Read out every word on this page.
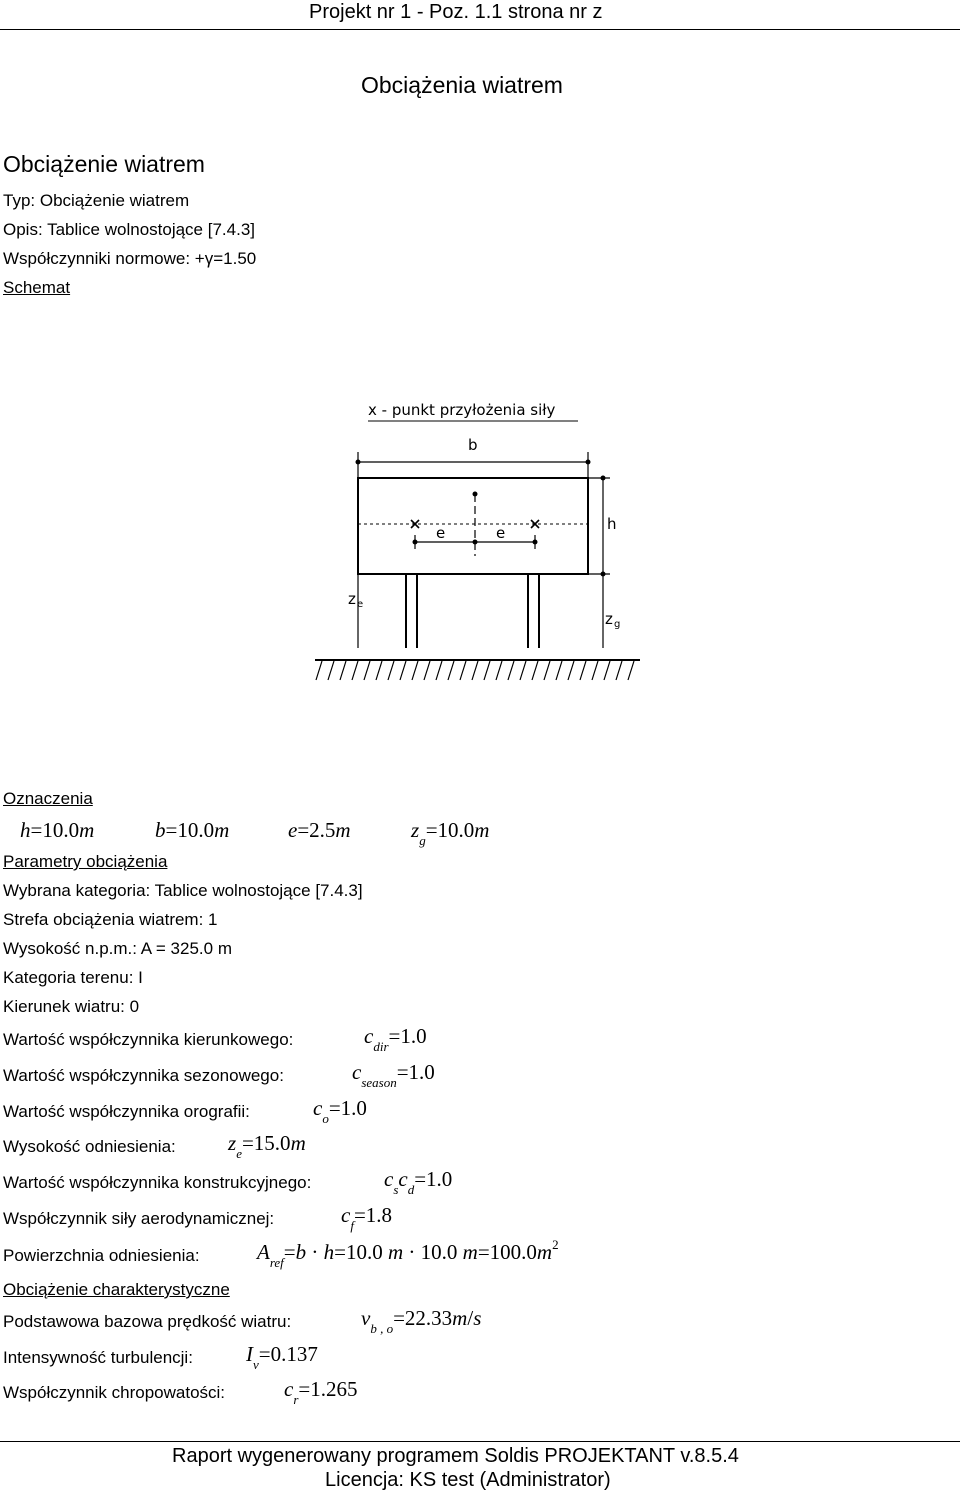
Projekt nr 1 - Poz. 1.1 strona nr z
Obciążenia wiatrem
Obciążenie wiatrem
Typ: Obciążenie wiatrem
Opis: Tablice wolnostojące [7.4.3]
Współczynniki normowe: +γ=1.50
Schemat
x - punkt przyłożenia siły
b
h
e	e
z e
z g
Oznaczenia
h=10.0m	b=10.0m	e=2.5m	$z_g=10.0m$
Parametry obciążenia
Wybrana kategoria: Tablice wolnostojące [7.4.3]
Strefa obciążenia wiatrem: 1
Wysokość n.p.m.: A = 325.0 m
Kategoria terenu: I
Kierunek wiatru: 0
Wartość współczynnika kierunkowego:	$c_{dir}=1.0$
Wartość współczynnika sezonowego:	$c_{season}=1.0$
Wartość współczynnika orografii:	$c_o=1.0$
Wysokość odniesienia: $z_e=15.0m$
Wartość współczynnika konstrukcyjnego:	$c_sc_d=1.0$
Współczynnik siły aerodynamicznej:	$c_f=1.8$
Powierzchnia odniesienia:	$A_{ref}=b \cdot h=10.0$ m · 10.0 $m=100.0m^2$
Obciążenie charakterystyczne
Podstawowa bazowa prędkość wiatru:	$v_{b , o}=22.33m/s$
Intensywność turbulencji:	$I_v=0.137$
Współczynnik chropowatości:	$c_r=1.265$
Raport wygenerowany programem Soldis PROJEKTANT v.8.5.4
Licencja: KS test (Administrator)
